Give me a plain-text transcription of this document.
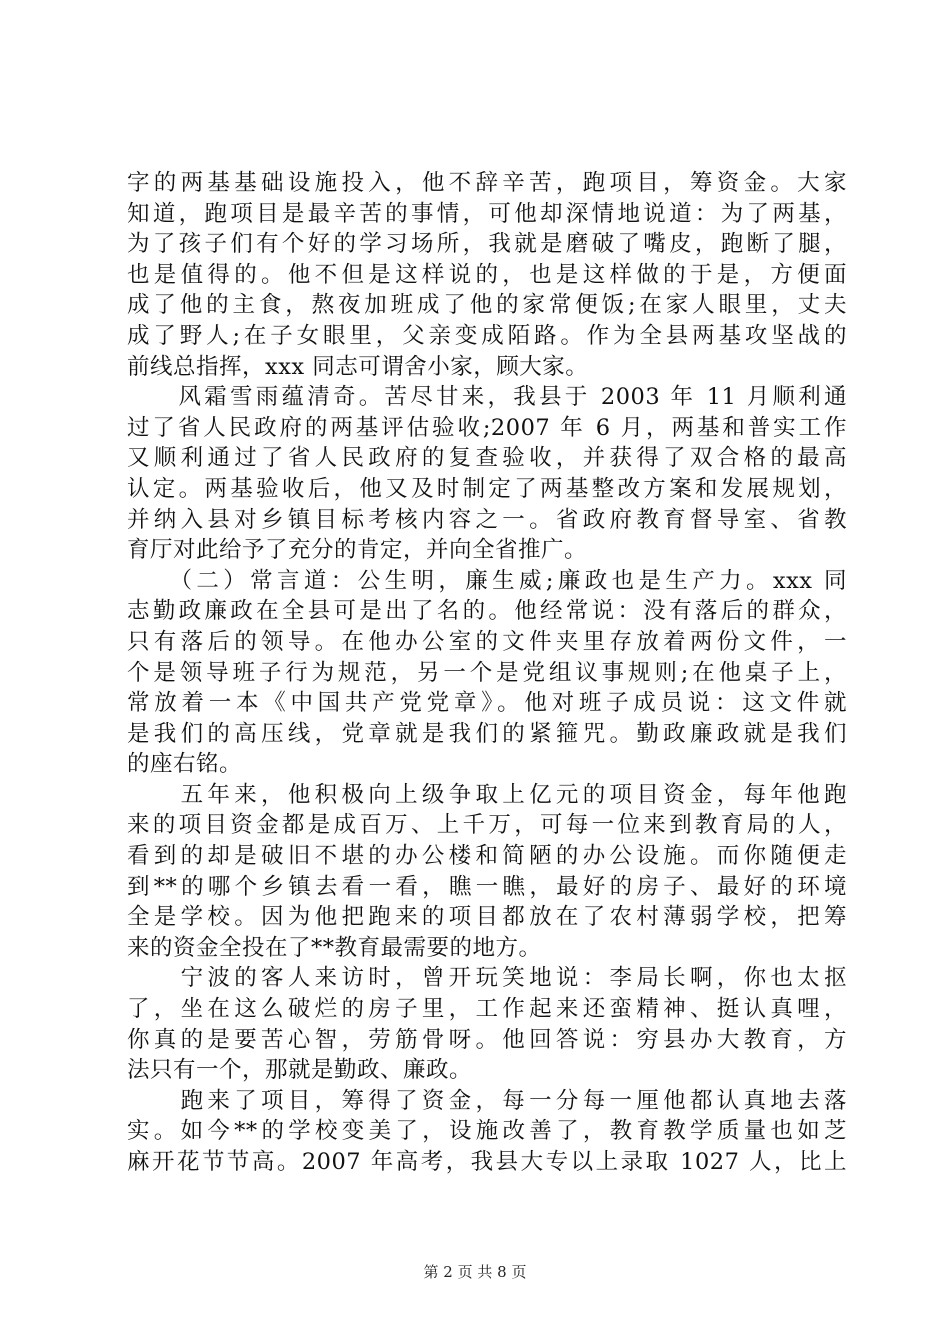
字的两基基础设施投入，他不辞辛苦，跑项目，筹资金。大家
知道，跑项目是最辛苦的事情，可他却深情地说道：为了两基，
为了孩子们有个好的学习场所，我就是磨破了嘴皮，跑断了腿，
也是值得的。他不但是这样说的，也是这样做的于是，方便面
成了他的主食，熬夜加班成了他的家常便饭;在家人眼里，丈夫
成了野人;在子女眼里，父亲变成陌路。作为全县两基攻坚战的
前线总指挥，xxx 同志可谓舍小家，顾大家。
　　风霜雪雨蕴清奇。苦尽甘来，我县于 2003 年 11 月顺利通
过了省人民政府的两基评估验收;2007 年 6 月，两基和普实工作
又顺利通过了省人民政府的复查验收，并获得了双合格的最高
认定。两基验收后，他又及时制定了两基整改方案和发展规划，
并纳入县对乡镇目标考核内容之一。省政府教育督导室、省教
育厅对此给予了充分的肯定，并向全省推广。
　　（二）常言道：公生明，廉生威;廉政也是生产力。xxx 同
志勤政廉政在全县可是出了名的。他经常说：没有落后的群众，
只有落后的领导。在他办公室的文件夹里存放着两份文件，一
个是领导班子行为规范，另一个是党组议事规则;在他桌子上，
常放着一本《中国共产党党章》。他对班子成员说：这文件就
是我们的高压线，党章就是我们的紧箍咒。勤政廉政就是我们
的座右铭。
　　五年来，他积极向上级争取上亿元的项目资金，每年他跑
来的项目资金都是成百万、上千万，可每一位来到教育局的人，
看到的却是破旧不堪的办公楼和简陋的办公设施。而你随便走
到**的哪个乡镇去看一看，瞧一瞧，最好的房子、最好的环境
全是学校。因为他把跑来的项目都放在了农村薄弱学校，把筹
来的资金全投在了**教育最需要的地方。
　　宁波的客人来访时，曾开玩笑地说：李局长啊，你也太抠
了，坐在这么破烂的房子里，工作起来还蛮精神、挺认真哩，
你真的是要苦心智，劳筋骨呀。他回答说：穷县办大教育，方
法只有一个，那就是勤政、廉政。
　　跑来了项目，筹得了资金，每一分每一厘他都认真地去落
实。如今**的学校变美了，设施改善了，教育教学质量也如芝
麻开花节节高。2007 年高考，我县大专以上录取 1027 人，比上
第 2 页 共 8 页
